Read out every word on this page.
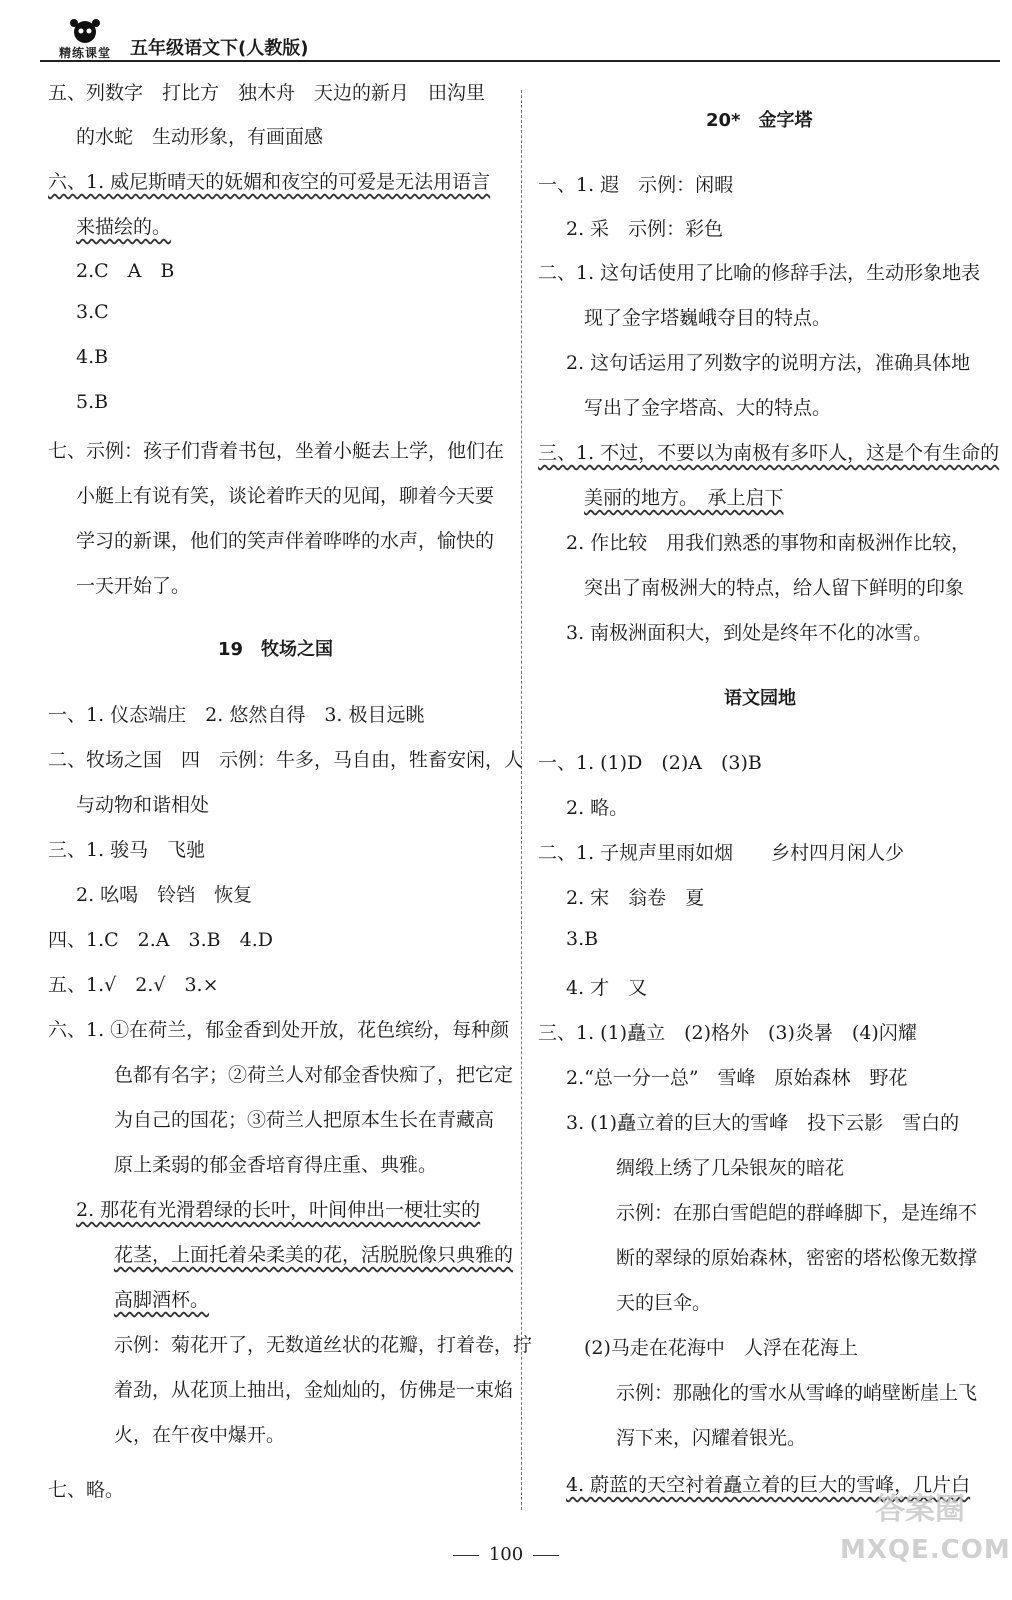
精练课堂	五年级语文下(人教版)
五、列数字　打比方　独木舟　天边的新月　田沟里
的水蛇　生动形象，有画面感
六、1. 威尼斯晴天的妩媚和夜空的可爱是无法用语言
来描绘的。
2.C　A　B
3.C
4.B
5.B
七、示例：孩子们背着书包，坐着小艇去上学，他们在
小艇上有说有笑，谈论着昨天的见闻，聊着今天要
学习的新课，他们的笑声伴着哗哗的水声，愉快的
一天开始了。
19　牧场之国
一、1. 仪态端庄　2. 悠然自得　3. 极目远眺
二、牧场之国　四　示例：牛多，马自由，牲畜安闲，人
与动物和谐相处
三、1. 骏马　飞驰
2. 吆喝　铃铛　恢复
四、1.C　2.A　3.B　4.D
五、1.√　2.√　3.×
六、1. ①在荷兰，郁金香到处开放，花色缤纷，每种颜
色都有名字；②荷兰人对郁金香快痴了，把它定
为自己的国花；③荷兰人把原本生长在青藏高
原上柔弱的郁金香培育得庄重、典雅。
2. 那花有光滑碧绿的长叶，叶间伸出一梗壮实的
花茎，上面托着朵柔美的花，活脱脱像只典雅的
高脚酒杯。
示例：菊花开了，无数道丝状的花瓣，打着卷，拧
着劲，从花顶上抽出，金灿灿的，仿佛是一束焰
火，在午夜中爆开。
七、略。
20*　金字塔
一、1. 遐　示例：闲暇
2. 采　示例：彩色
二、1. 这句话使用了比喻的修辞手法，生动形象地表
现了金字塔巍峨夺目的特点。
2. 这句话运用了列数字的说明方法，准确具体地
写出了金字塔高、大的特点。
三、1. 不过，不要以为南极有多吓人，这是个有生命的
美丽的地方。　承上启下
2. 作比较　用我们熟悉的事物和南极洲作比较，
突出了南极洲大的特点，给人留下鲜明的印象
3. 南极洲面积大，到处是终年不化的冰雪。
语文园地
一、1. (1)D　(2)A　(3)B
2. 略。
二、1. 子规声里雨如烟　　乡村四月闲人少
2. 宋　翁卷　夏
3.B
4. 才　又
三、1. (1)矗立　(2)格外　(3)炎暑　(4)闪耀
2.“总一分一总”　雪峰　原始森林　野花
3. (1)矗立着的巨大的雪峰　投下云影　雪白的
绸缎上绣了几朵银灰的暗花
示例：在那白雪皑皑的群峰脚下，是连绵不
断的翠绿的原始森林，密密的塔松像无数撑
天的巨伞。
(2)马走在花海中　人浮在花海上
示例：那融化的雪水从雪峰的峭壁断崖上飞
泻下来，闪耀着银光。
4. 蔚蓝的天空衬着矗立着的巨大的雪峰，几片白
100
答案圈
MXQE.COM
